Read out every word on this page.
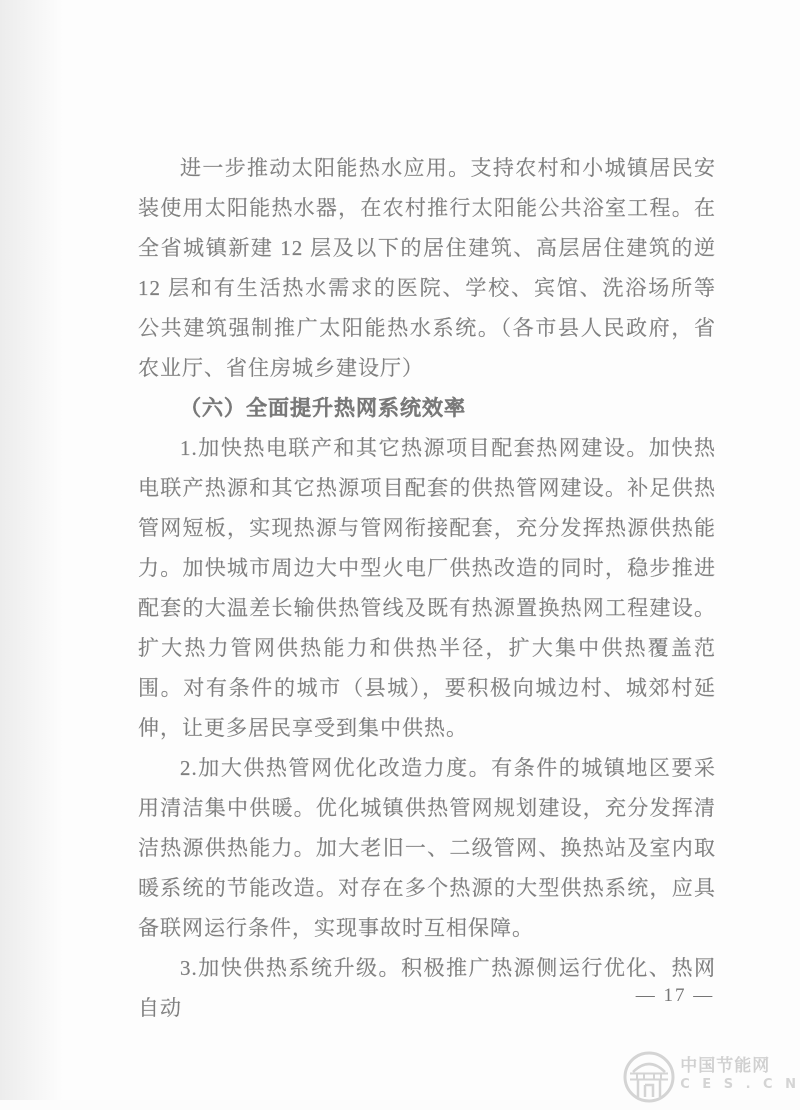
进一步推动太阳能热水应用。支持农村和小城镇居民安装使用太阳能热水器，在农村推行太阳能公共浴室工程。在全省城镇新建 12 层及以下的居住建筑、高层居住建筑的逆 12 层和有生活热水需求的医院、学校、宾馆、洗浴场所等公共建筑强制推广太阳能热水系统。（各市县人民政府，省农业厅、省住房城乡建设厅）

（六）全面提升热网系统效率

1.加快热电联产和其它热源项目配套热网建设。加快热电联产热源和其它热源项目配套的供热管网建设。补足供热管网短板，实现热源与管网衔接配套，充分发挥热源供热能力。加快城市周边大中型火电厂供热改造的同时，稳步推进配套的大温差长输供热管线及既有热源置换热网工程建设。扩大热力管网供热能力和供热半径，扩大集中供热覆盖范围。对有条件的城市（县城），要积极向城边村、城郊村延伸，让更多居民享受到集中供热。

2.加大供热管网优化改造力度。有条件的城镇地区要采用清洁集中供暖。优化城镇供热管网规划建设，充分发挥清洁热源供热能力。加大老旧一、二级管网、换热站及室内取暖系统的节能改造。对存在多个热源的大型供热系统，应具备联网运行条件，实现事故时互相保障。

3.加快供热系统升级。积极推广热源侧运行优化、热网自动

— 17 —
中国节能网
C E S . C N
